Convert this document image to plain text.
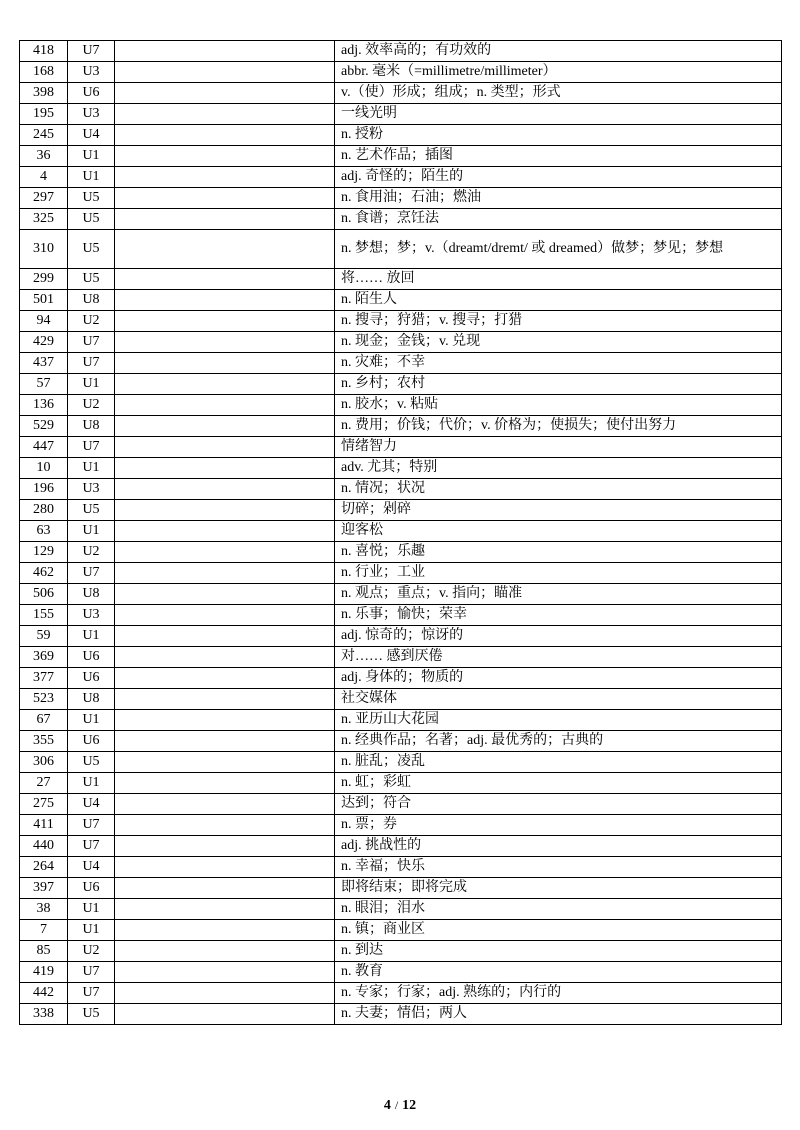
418	U7		adj. 效率高的；有功效的
168	U3		abbr. 毫米（=millimetre/millimeter）
398	U6		v.（使）形成；组成；n. 类型；形式
195	U3		一线光明
245	U4		n. 授粉
36	U1		n. 艺术作品；插图
4	U1		adj. 奇怪的；陌生的
297	U5		n. 食用油；石油；燃油
325	U5		n. 食谱；烹饪法
310	U5		n. 梦想；梦；v.（dreamt/dremt/ 或 dreamed）做梦；梦见；梦想
299	U5		将…… 放回
501	U8		n. 陌生人
94	U2		n. 搜寻；狩猎；v. 搜寻；打猎
429	U7		n. 现金；金钱；v. 兑现
437	U7		n. 灾难；不幸
57	U1		n. 乡村；农村
136	U2		n. 胶水；v. 粘贴
529	U8		n. 费用；价钱；代价；v. 价格为；使损失；使付出努力
447	U7		情绪智力
10	U1		adv. 尤其；特别
196	U3		n. 情况；状况
280	U5		切碎；剁碎
63	U1		迎客松
129	U2		n. 喜悦；乐趣
462	U7		n. 行业；工业
506	U8		n. 观点；重点；v. 指向；瞄准
155	U3		n. 乐事；愉快；荣幸
59	U1		adj. 惊奇的；惊讶的
369	U6		对…… 感到厌倦
377	U6		adj. 身体的；物质的
523	U8		社交媒体
67	U1		n. 亚历山大花园
355	U6		n. 经典作品；名著；adj. 最优秀的；古典的
306	U5		n. 脏乱；凌乱
27	U1		n. 虹；彩虹
275	U4		达到；符合
411	U7		n. 票；券
440	U7		adj. 挑战性的
264	U4		n. 幸福；快乐
397	U6		即将结束；即将完成
38	U1		n. 眼泪；泪水
7	U1		n. 镇；商业区
85	U2		n. 到达
419	U7		n. 教育
442	U7		n. 专家；行家；adj. 熟练的；内行的
338	U5		n. 夫妻；情侣；两人
4 / 12
